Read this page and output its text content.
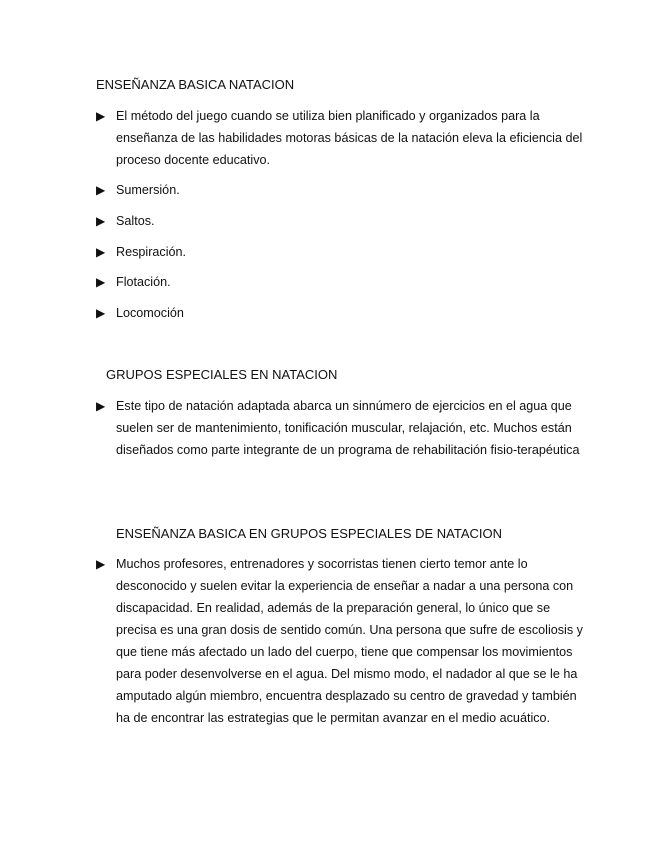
ENSEÑANZA BASICA NATACION
▶ El método del juego cuando se utiliza bien planificado y organizados para la enseñanza de las habilidades motoras básicas de la natación eleva la eficiencia del proceso docente educativo.
▶ Sumersión.
▶ Saltos.
▶ Respiración.
▶ Flotación.
▶ Locomoción
GRUPOS ESPECIALES EN NATACION
▶ Este tipo de natación adaptada abarca un sinnúmero de ejercicios en el agua que suelen ser de mantenimiento, tonificación muscular, relajación, etc. Muchos están diseñados como parte integrante de un programa de rehabilitación fisio-terapéutica
ENSEÑANZA BASICA EN GRUPOS ESPECIALES DE NATACION
▶ Muchos profesores, entrenadores y socorristas tienen cierto temor ante lo desconocido y suelen evitar la experiencia de enseñar a nadar a una persona con discapacidad. En realidad, además de la preparación general, lo único que se precisa es una gran dosis de sentido común. Una persona que sufre de escoliosis y que tiene más afectado un lado del cuerpo, tiene que compensar los movimientos para poder desenvolverse en el agua. Del mismo modo, el nadador al que se le ha amputado algún miembro, encuentra desplazado su centro de gravedad y también ha de encontrar las estrategias que le permitan avanzar en el medio acuático.
